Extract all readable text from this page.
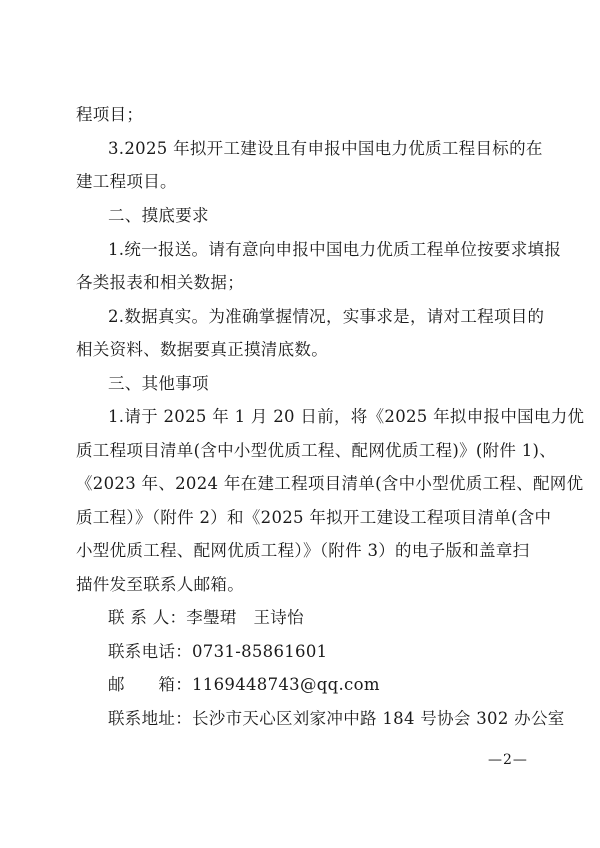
程项目；
3.2025 年拟开工建设且有申报中国电力优质工程目标的在
建工程项目。
二、摸底要求
1.统一报送。请有意向申报中国电力优质工程单位按要求填报
各类报表和相关数据；
2.数据真实。为准确掌握情况，实事求是，请对工程项目的
相关资料、数据要真正摸清底数。
三、其他事项
1.请于 2025 年 1 月 20 日前，将《2025 年拟申报中国电力优
质工程项目清单(含中小型优质工程、配网优质工程)》(附件 1)、
《2023 年、2024 年在建工程项目清单(含中小型优质工程、配网优
质工程）》（附件 2）和《2025 年拟开工建设工程项目清单(含中
小型优质工程、配网优质工程）》（附件 3）的电子版和盖章扫
描件发至联系人邮箱。
联 系 人：李璺珺　王诗怡
联系电话：0731-85861601
邮　　箱：1169448743@qq.com
联系地址：长沙市天心区刘家冲中路 184 号协会 302 办公室
—2—
